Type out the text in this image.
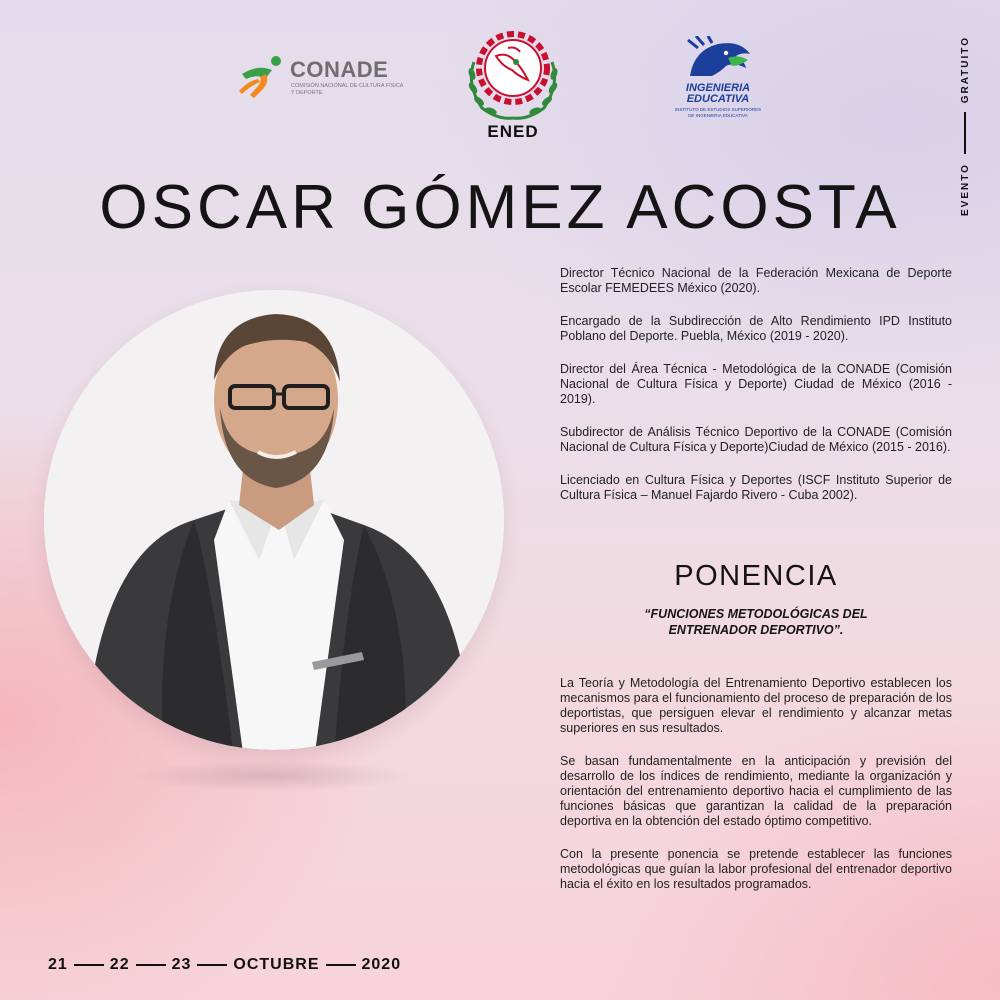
CONADE
COMISIÓN NACIONAL DE CULTURA FÍSICA Y DEPORTE
ENED
INGENIERIA
EDUCATIVA
INSTITUTO DE ESTUDIOS SUPERIORES DE INGENIERIA EDUCATIVA
EVENTO
GRATUITO
OSCAR GÓMEZ ACOSTA

Director Técnico Nacional de la Federación Mexicana de Deporte Escolar FEMEDEES México (2020).

Encargado de la Subdirección de Alto Rendimiento IPD Instituto Poblano del Deporte. Puebla, México (2019 - 2020).

Director del Área Técnica - Metodológica de la CONADE (Comisión Nacional de Cultura Física y Deporte) Ciudad de México (2016 - 2019).

Subdirector de Análisis Técnico Deportivo de la CONADE (Comisión Nacional de Cultura Física y Deporte)Ciudad de México (2015 - 2016).

Licenciado en Cultura Física y Deportes (ISCF Instituto Superior de Cultura Física – Manuel Fajardo Rivero - Cuba 2002).

PONENCIA
“FUNCIONES METODOLÓGICAS DEL
ENTRENADOR DEPORTIVO”.

La Teoría y Metodología del Entrenamiento Deportivo establecen los mecanismos para el funcionamiento del proceso de preparación de los deportistas, que persiguen elevar el rendimiento y alcanzar metas superiores en sus resultados.

Se basan fundamentalmente en la anticipación y previsión del desarrollo de los índices de rendimiento, mediante la organización y orientación del entrenamiento deportivo hacia el cumplimiento de las funciones básicas que garantizan la calidad de la preparación deportiva en la obtención del estado óptimo competitivo.

Con la presente ponencia se pretende establecer las funciones metodológicas que guían la labor profesional del entrenador deportivo hacia el éxito en los resultados programados.

21	22	23	OCTUBRE	2020
